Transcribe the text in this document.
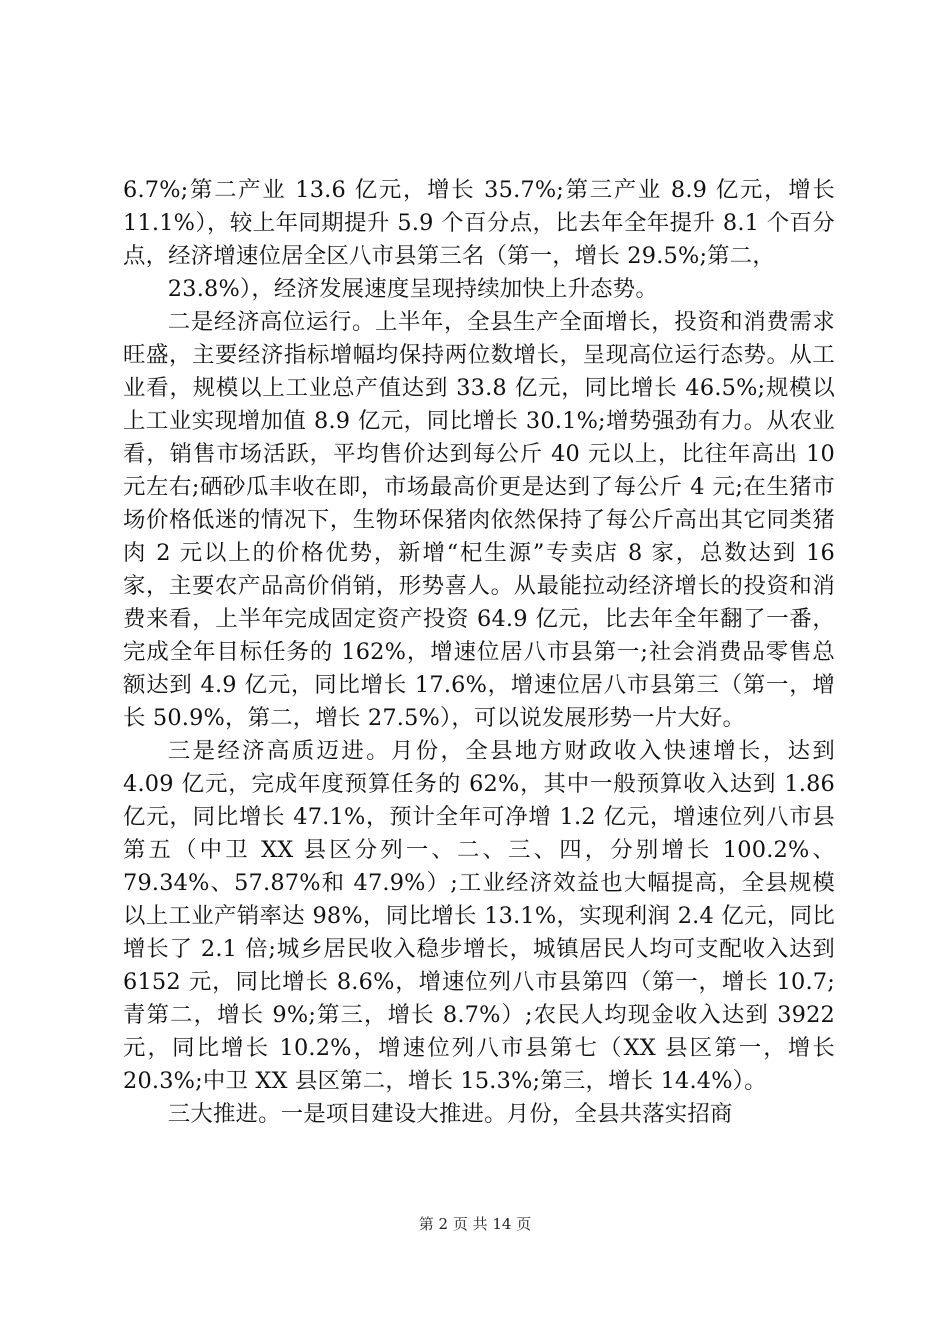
6.7%;第二产业 13.6 亿元，增长 35.7%;第三产业 8.9 亿元，增长 11.1%），较上年同期提升 5.9 个百分点，比去年全年提升 8.1 个百分点，经济增速位居全区八市县第三名（第一，增长 29.5%;第二，

23.8%），经济发展速度呈现持续加快上升态势。

二是经济高位运行。上半年，全县生产全面增长，投资和消费需求旺盛，主要经济指标增幅均保持两位数增长，呈现高位运行态势。从工业看，规模以上工业总产值达到 33.8 亿元，同比增长 46.5%;规模以上工业实现增加值 8.9 亿元，同比增长 30.1%;增势强劲有力。从农业看，销售市场活跃，平均售价达到每公斤 40 元以上，比往年高出 10 元左右;硒砂瓜丰收在即，市场最高价更是达到了每公斤 4 元;在生猪市场价格低迷的情况下，生物环保猪肉依然保持了每公斤高出其它同类猪肉 2 元以上的价格优势，新增“杞生源”专卖店 8 家，总数达到 16 家，主要农产品高价俏销，形势喜人。从最能拉动经济增长的投资和消费来看，上半年完成固定资产投资 64.9 亿元，比去年全年翻了一番，完成全年目标任务的 162%，增速位居八市县第一;社会消费品零售总额达到 4.9 亿元，同比增长 17.6%，增速位居八市县第三（第一，增长 50.9%，第二，增长 27.5%），可以说发展形势一片大好。

三是经济高质迈进。月份，全县地方财政收入快速增长，达到 4.09 亿元，完成年度预算任务的 62%，其中一般预算收入达到 1.86 亿元，同比增长 47.1%，预计全年可净增 1.2 亿元，增速位列八市县第五（中卫 XX 县区分列一、二、三、四，分别增长 100.2%、79.34%、57.87%和 47.9%）;工业经济效益也大幅提高，全县规模以上工业产销率达 98%，同比增长 13.1%，实现利润 2.4 亿元，同比增长了 2.1 倍;城乡居民收入稳步增长，城镇居民人均可支配收入达到 6152 元，同比增长 8.6%，增速位列八市县第四（第一，增长 10.7;青第二，增长 9%;第三，增长 8.7%）;农民人均现金收入达到 3922 元，同比增长 10.2%，增速位列八市县第七（XX 县区第一，增长 20.3%;中卫 XX 县区第二，增长 15.3%;第三，增长 14.4%）。

三大推进。一是项目建设大推进。月份，全县共落实招商

第 2 页 共 14 页
